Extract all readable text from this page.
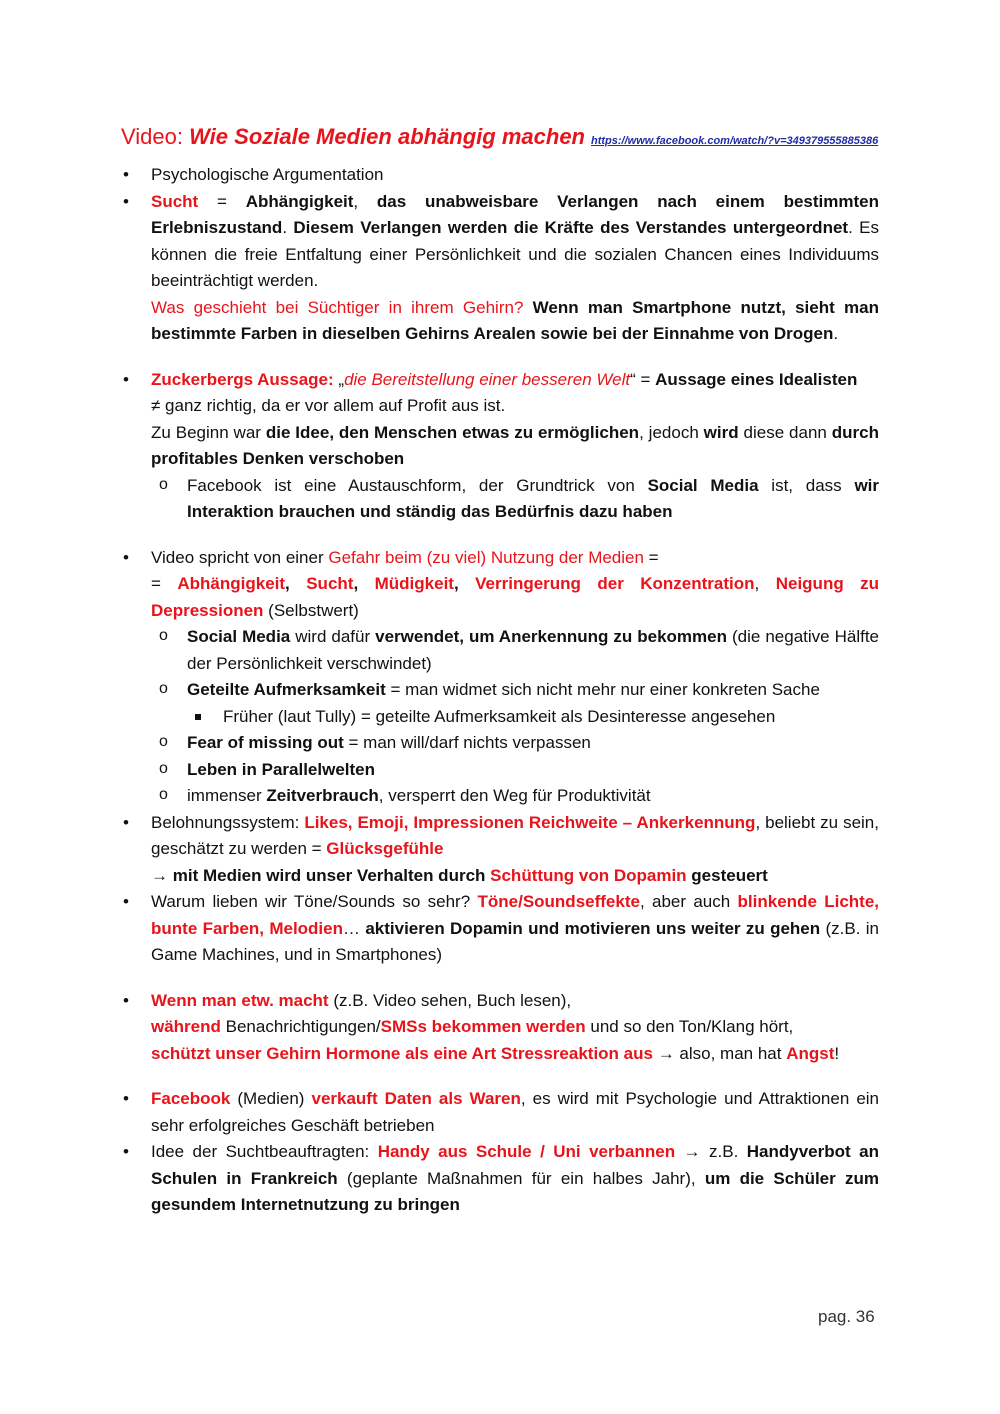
Video: Wie Soziale Medien abhängig machen https://www.facebook.com/watch/?v=349379555885386
• Psychologische Argumentation
• Sucht = Abhängigkeit, das unabweisbare Verlangen nach einem bestimmten Erlebniszustand. Diesem Verlangen werden die Kräfte des Verstandes untergeordnet. Es können die freie Entfaltung einer Persönlichkeit und die sozialen Chancen eines Individuums beeinträchtigt werden.
Was geschieht bei Süchtiger in ihrem Gehirn? Wenn man Smartphone nutzt, sieht man bestimmte Farben in dieselben Gehirns Arealen sowie bei der Einnahme von Drogen.
• Zuckerbergs Aussage: „die Bereitstellung einer besseren Welt“ = Aussage eines Idealisten
≠ ganz richtig, da er vor allem auf Profit aus ist.
Zu Beginn war die Idee, den Menschen etwas zu ermöglichen, jedoch wird diese dann durch profitables Denken verschoben
o Facebook ist eine Austauschform, der Grundtrick von Social Media ist, dass wir Interaktion brauchen und ständig das Bedürfnis dazu haben
• Video spricht von einer Gefahr beim (zu viel) Nutzung der Medien =
= Abhängigkeit, Sucht, Müdigkeit, Verringerung der Konzentration, Neigung zu Depressionen (Selbstwert)
o Social Media wird dafür verwendet, um Anerkennung zu bekommen (die negative Hälfte der Persönlichkeit verschwindet)
o Geteilte Aufmerksamkeit = man widmet sich nicht mehr nur einer konkreten Sache
Früher (laut Tully) = geteilte Aufmerksamkeit als Desinteresse angesehen
o Fear of missing out = man will/darf nichts verpassen
o Leben in Parallelwelten
o immenser Zeitverbrauch, versperrt den Weg für Produktivität
• Belohnungssystem: Likes, Emoji, Impressionen Reichweite – Ankerkennung, beliebt zu sein, geschätzt zu werden = Glücksgefühle
→ mit Medien wird unser Verhalten durch Schüttung von Dopamin gesteuert
• Warum lieben wir Töne/Sounds so sehr? Töne/Soundseffekte, aber auch blinkende Lichte, bunte Farben, Melodien… aktivieren Dopamin und motivieren uns weiter zu gehen (z.B. in Game Machines, und in Smartphones)
• Wenn man etw. macht (z.B. Video sehen, Buch lesen),
während Benachrichtigungen/SMSs bekommen werden und so den Ton/Klang hört,
schützt unser Gehirn Hormone als eine Art Stressreaktion aus → also, man hat Angst!
• Facebook (Medien) verkauft Daten als Waren, es wird mit Psychologie und Attraktionen ein sehr erfolgreiches Geschäft betrieben
• Idee der Suchtbeauftragten: Handy aus Schule / Uni verbannen → z.B. Handyverbot an Schulen in Frankreich (geplante Maßnahmen für ein halbes Jahr), um die Schüler zum gesundem Internetnutzung zu bringen
pag. 36
